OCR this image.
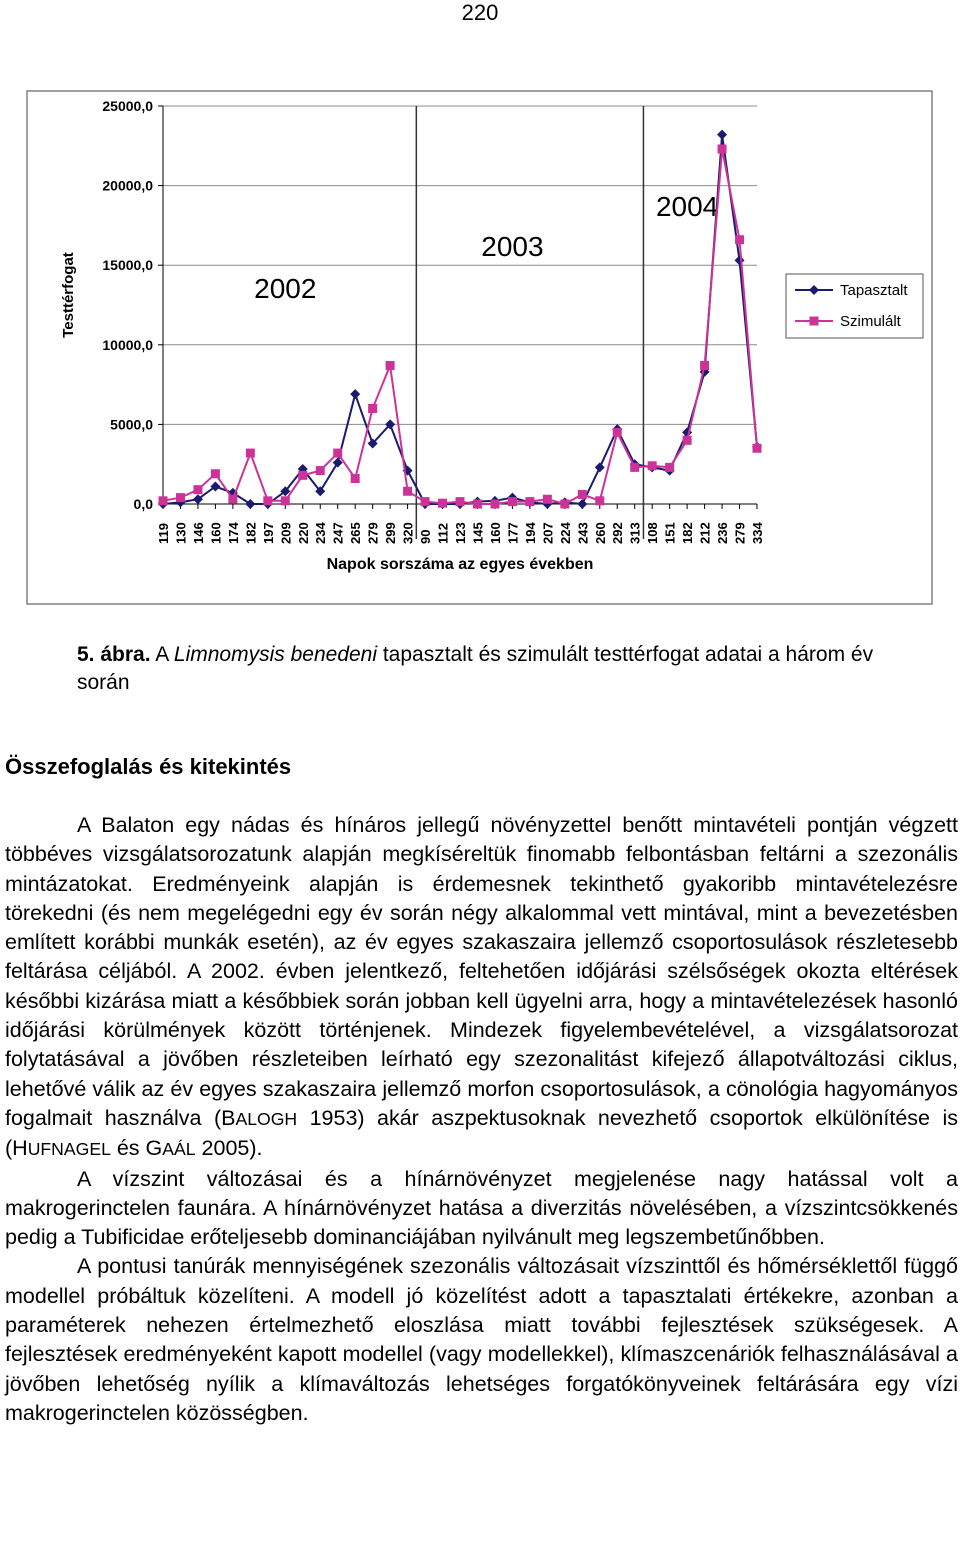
220
0,0
5000,0
10000,0
15000,0
20000,0
25000,0
119 130 146 160 174 182 197 209 220 234 247 265 279 299 320 90 112 123 145 160 177 194 207 224 243 260 292 313 108 151 182 212 236 279 334
Testtérfogat
Napok sorszáma az egyes években
2002
2003
2004
Tapasztalt
Szimulált
5. ábra. A Limnomysis benedeni tapasztalt és szimulált testtérfogat adatai a három év során
Összefoglalás és kitekintés

A Balaton egy nádas és hínáros jellegű növényzettel benőtt mintavételi pontján végzett többéves vizsgálatsorozatunk alapján megkíséreltük finomabb felbontásban feltárni a szezonális mintázatokat. Eredményeink alapján is érdemesnek tekinthető gyakoribb mintavételezésre törekedni (és nem megelégedni egy év során négy alkalommal vett mintával, mint a bevezetésben említett korábbi munkák esetén), az év egyes szakaszaira jellemző csoportosulások részletesebb feltárása céljából. A 2002. évben jelentkező, feltehetően időjárási szélsőségek okozta eltérések későbbi kizárása miatt a későbbiek során jobban kell ügyelni arra, hogy a mintavételezések hasonló időjárási körülmények között történjenek. Mindezek figyelembevételével, a vizsgálatsorozat folytatásával a jövőben részleteiben leírható egy szezonalitást kifejező állapotváltozási ciklus, lehetővé válik az év egyes szakaszaira jellemző morfon csoportosulások, a cönológia hagyományos fogalmait használva (BALOGH 1953) akár aszpektusoknak nevezhető csoportok elkülönítése is (HUFNAGEL és GAÁL 2005).

A vízszint változásai és a hínárnövényzet megjelenése nagy hatással volt a makrogerinctelen faunára. A hínárnövényzet hatása a diverzitás növelésében, a vízszintcsökkenés pedig a Tubificidae erőteljesebb dominanciájában nyilvánult meg legszembetűnőbben.

A pontusi tanúrák mennyiségének szezonális változásait vízszinttől és hőmérséklettől függő modellel próbáltuk közelíteni. A modell jó közelítést adott a tapasztalati értékekre, azonban a paraméterek nehezen értelmezhető eloszlása miatt további fejlesztések szükségesek. A fejlesztések eredményeként kapott modellel (vagy modellekkel), klímaszcenáriók felhasználásával a jövőben lehetőség nyílik a klímaváltozás lehetséges forgatókönyveinek feltárására egy vízi makrogerinctelen közösségben.
